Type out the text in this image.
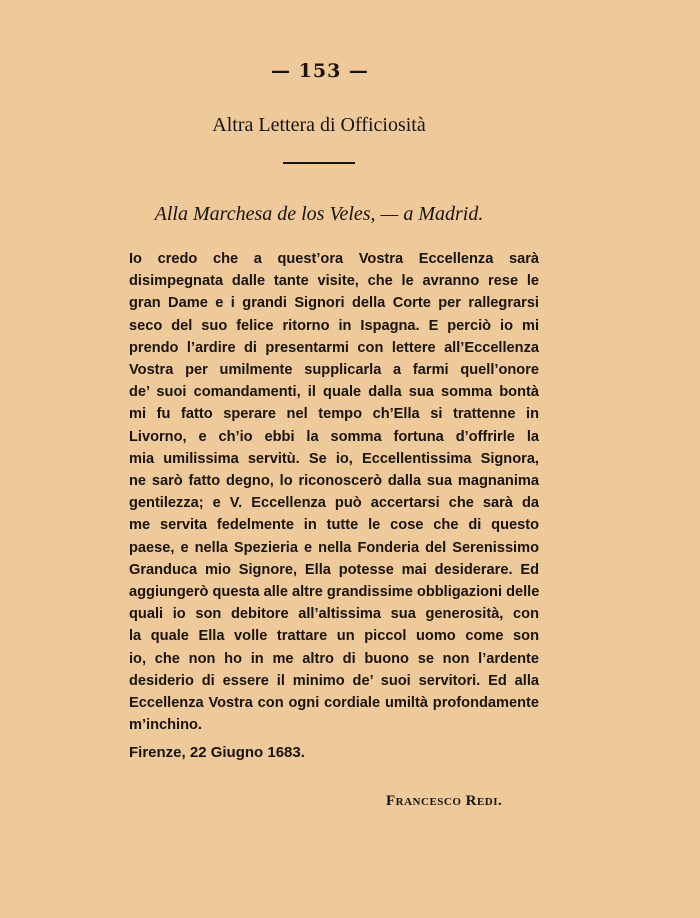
— 153 —
Altra Lettera di Officiosità
Alla Marchesa de los Veles, — a Madrid.
Io credo che a quest’ora Vostra Eccellenza sarà
disimpegnata dalle tante visite, che le avranno rese le
gran Dame e i grandi Signori della Corte per rallegrarsi
seco del suo felice ritorno in Ispagna. E perciò io mi
prendo l’ardire di presentarmi con lettere all’Eccellenza
Vostra per umilmente supplicarla a farmi quell’onore
de’ suoi comandamenti, il quale dalla sua somma bontà
mi fu fatto sperare nel tempo ch’Ella si trattenne in
Livorno, e ch’io ebbi la somma fortuna d’offrirle la
mia umilissima servitù. Se io, Eccellentissima Signora,
ne sarò fatto degno, lo riconoscerò dalla sua magnanima
gentilezza; e V. Eccellenza può accertarsi che sarà da
me servita fedelmente in tutte le cose che di questo
paese, e nella Spezieria e nella Fonderia del Serenissimo
Granduca mio Signore, Ella potesse mai desiderare. Ed
aggiungerò questa alle altre grandissime obbligazioni delle
quali io son debitore all’altissima sua generosità, con
la quale Ella volle trattare un piccol uomo come son
io, che non ho in me altro di buono se non l’ardente
desiderio di essere il minimo de’ suoi servitori. Ed alla
Eccellenza Vostra con ogni cordiale umiltà profondamente
m’inchino.
Firenze, 22 Giugno 1683.
Francesco Redi.
